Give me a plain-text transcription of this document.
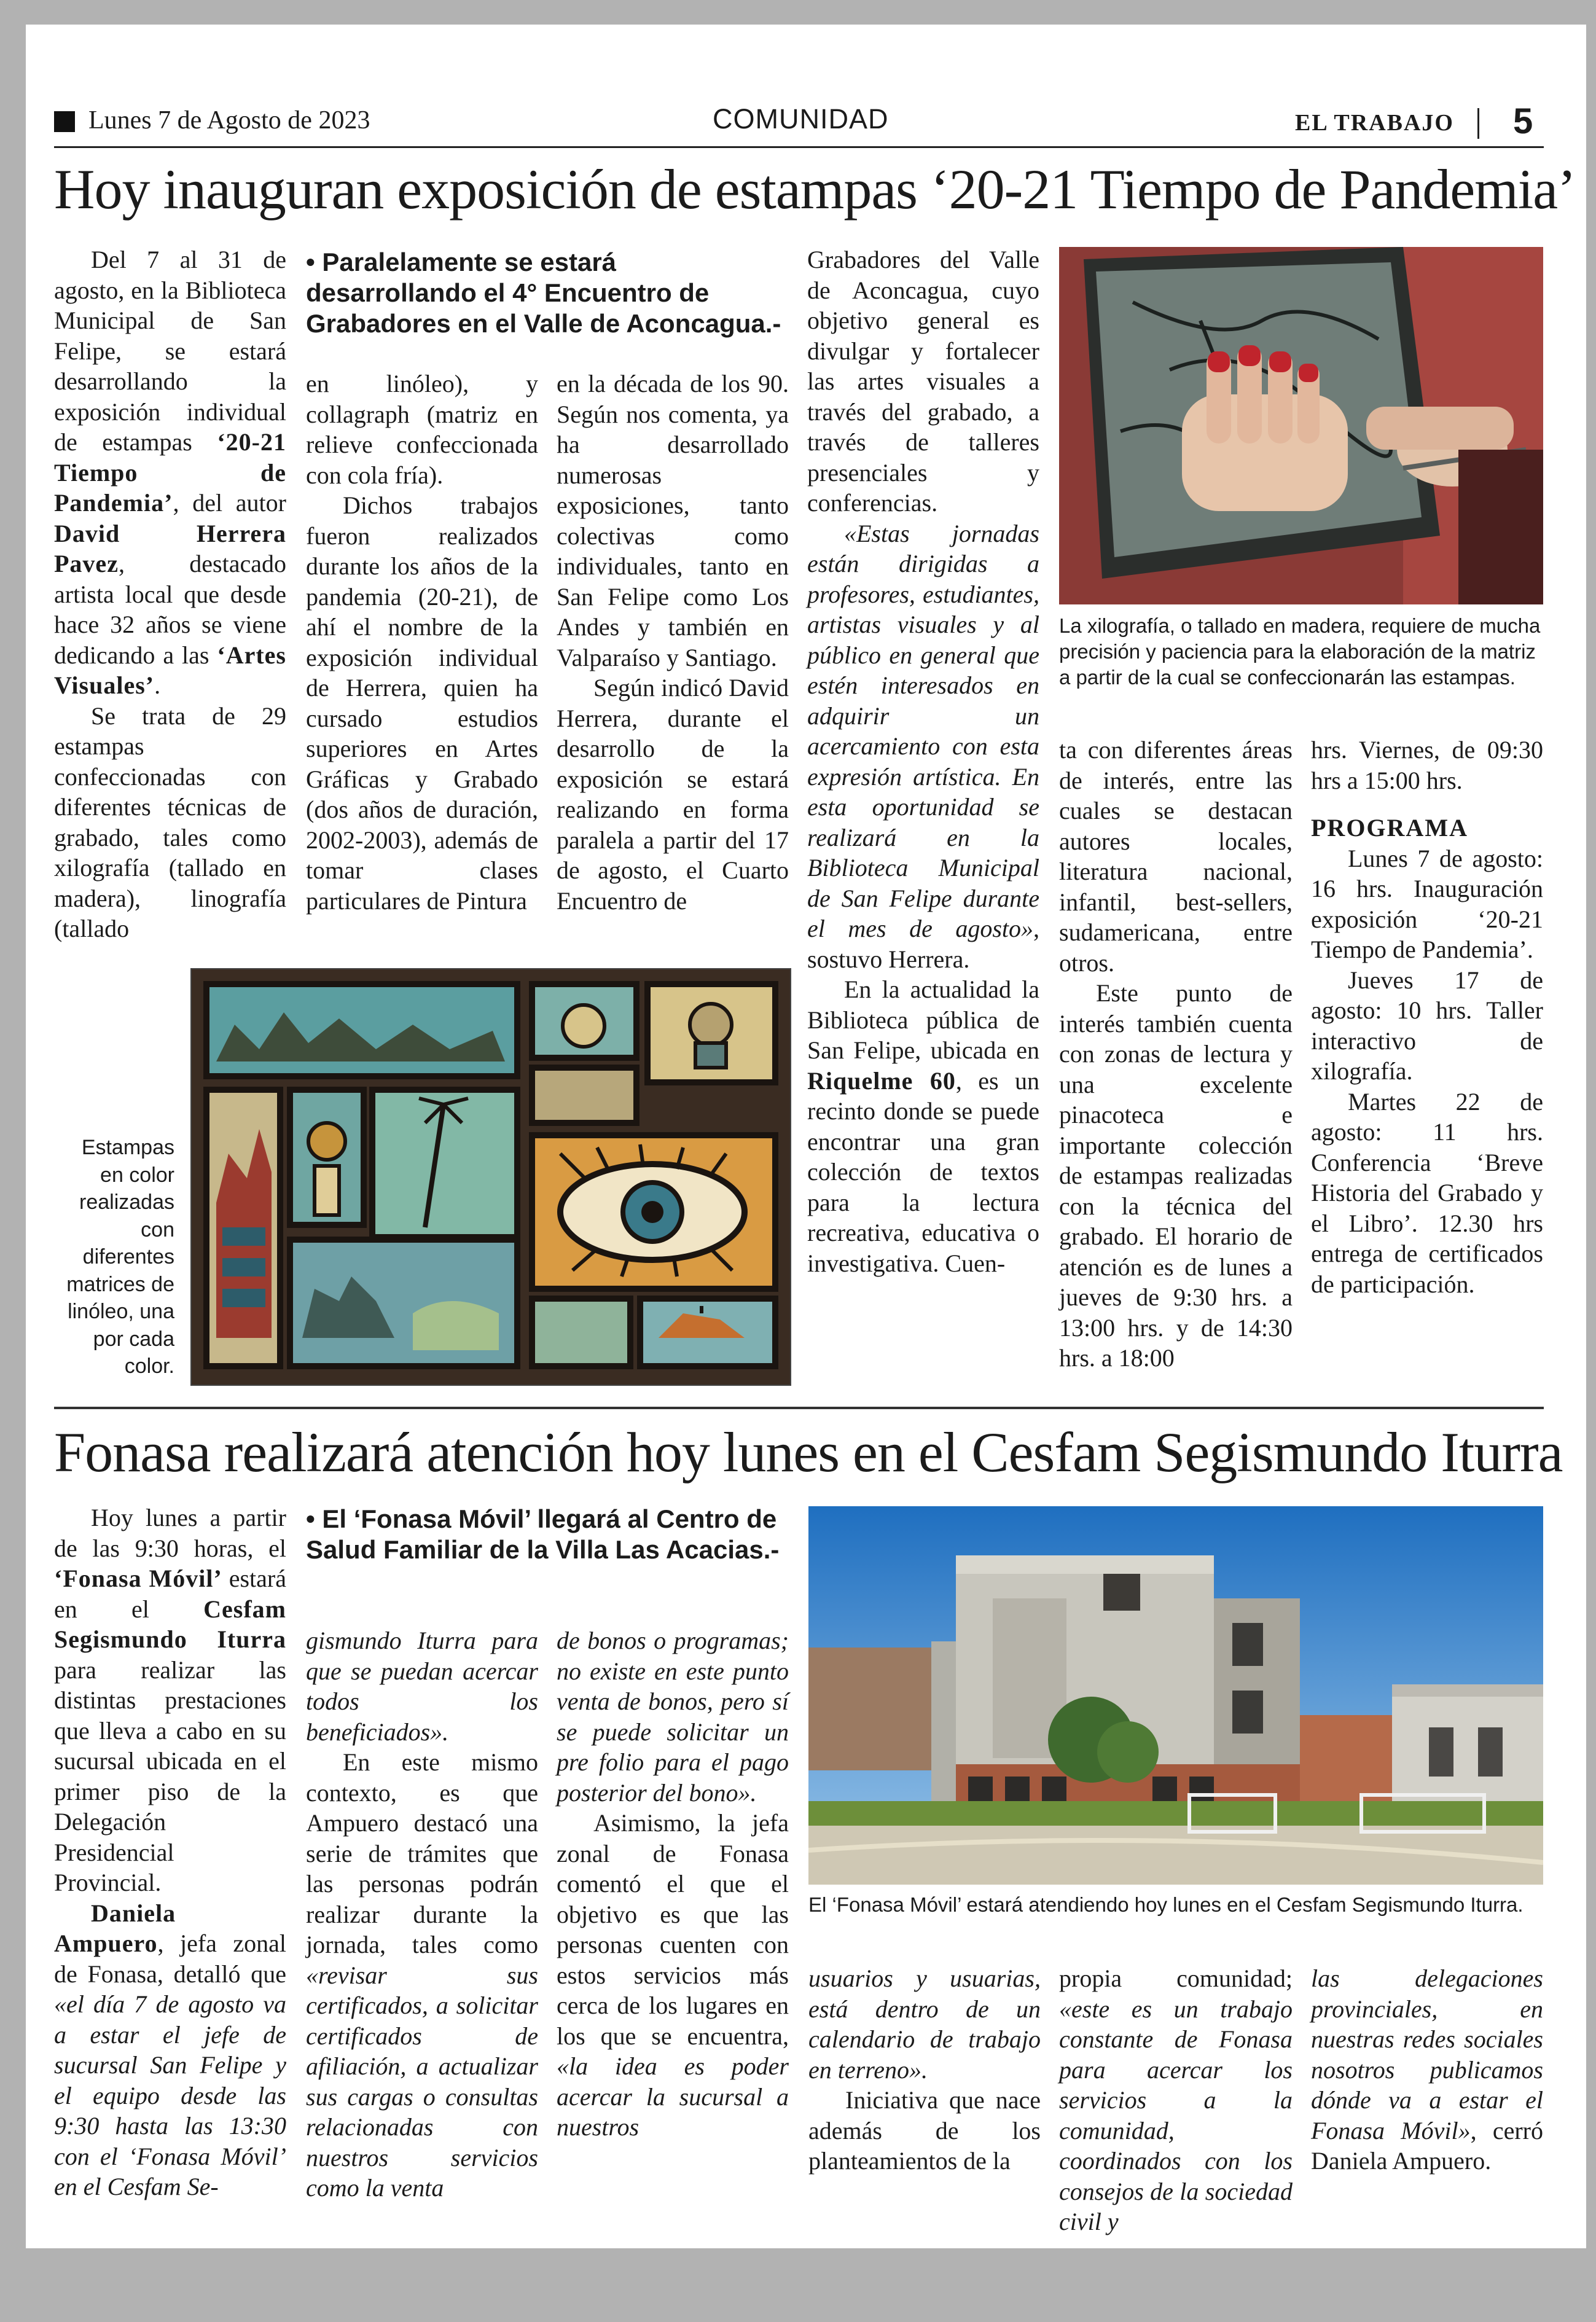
Lunes 7 de Agosto de 2023	COMUNIDAD	EL TRABAJO 5
Hoy inauguran exposición de estampas ‘20-21 Tiempo de Pandemia’

Del 7 al 31 de agosto, en la Biblioteca Municipal de San Felipe, se estará desarrollando la exposición individual de estampas ‘20-21 Tiempo de Pandemia’, del autor David Herrera Pavez, destacado artista local que desde hace 32 años se viene dedicando a las ‘Artes Visuales’.

Se trata de 29 estampas confeccionadas con diferentes técnicas de grabado, tales como xilografía (tallado en madera), linografía (tallado

• Paralelamente se estará desarrollando el 4° Encuentro de Grabadores en el Valle de Aconcagua.-

en linóleo), y collagraph (matriz en relieve confeccionada con cola fría).

Dichos trabajos fueron realizados durante los años de la pandemia (20-21), de ahí el nombre de la exposición individual de Herrera, quien ha cursado estudios superiores en Artes Gráficas y Grabado (dos años de duración, 2002-2003), además de tomar clases particulares de Pintura

en la década de los 90. Según nos comenta, ya ha desarrollado numerosas exposiciones, tanto colectivas como individuales, tanto en San Felipe como Los Andes y también en Valparaíso y Santiago.

Según indicó David Herrera, durante el desarrollo de la exposición se estará realizando en forma paralela a partir del 17 de agosto, el Cuarto Encuentro de

Grabadores del Valle de Aconcagua, cuyo objetivo general es divulgar y fortalecer las artes visuales a través del grabado, a través de talleres presenciales y conferencias.

«Estas jornadas están dirigidas a profesores, estudiantes, artistas visuales y al público en general que estén interesados en adquirir un acercamiento con esta expresión artística. En esta oportunidad se realizará en la Biblioteca Municipal de San Felipe durante el mes de agosto», sostuvo Herrera.

En la actualidad la Biblioteca pública de San Felipe, ubicada en Riquelme 60, es un recinto donde se puede encontrar una gran colección de textos para la lectura recreativa, educativa o investigativa. Cuen-

La xilografía, o tallado en madera, requiere de mucha precisión y paciencia para la elaboración de la matriz a partir de la cual se confeccionarán las estampas.

ta con diferentes áreas de interés, entre las cuales se destacan autores locales, literatura nacional, infantil, best-sellers, sudamericana, entre otros.

Este punto de interés también cuenta con zonas de lectura y una excelente pinacoteca e importante colección de estampas realizadas con la técnica del grabado. El horario de atención es de lunes a jueves de 9:30 hrs. a 13:00 hrs. y de 14:30 hrs. a 18:00

hrs. Viernes, de 09:30 hrs a 15:00 hrs.

PROGRAMA

Lunes 7 de agosto: 16 hrs. Inauguración exposición ‘20-21 Tiempo de Pandemia’.

Jueves 17 de agosto: 10 hrs. Taller interactivo de xilografía.

Martes 22 de agosto: 11 hrs. Conferencia ‘Breve Historia del Grabado y el Libro’. 12.30 hrs entrega de certificados de participación.

Estampas en color realizadas con diferentes matrices de linóleo, una por cada color.
Fonasa realizará atención hoy lunes en el Cesfam Segismundo Iturra

Hoy lunes a partir de las 9:30 horas, el ‘Fonasa Móvil’ estará en el Cesfam Segismundo Iturra para realizar las distintas prestaciones que lleva a cabo en su sucursal ubicada en el primer piso de la Delegación Presidencial Provincial.

Daniela Ampuero, jefa zonal de Fonasa, detalló que «el día 7 de agosto va a estar el jefe de sucursal San Felipe y el equipo desde las 9:30 hasta las 13:30 con el ‘Fonasa Móvil’ en el Cesfam Se-

• El ‘Fonasa Móvil’ llegará al Centro de Salud Familiar de la Villa Las Acacias.-

gismundo Iturra para que se puedan acercar todos los beneficiados».

En este mismo contexto, es que Ampuero destacó una serie de trámites que las personas podrán realizar durante la jornada, tales como «revisar sus certificados, a solicitar certificados de afiliación, a actualizar sus cargas o consultas relacionadas con nuestros servicios como la venta

de bonos o programas; no existe en este punto venta de bonos, pero sí se puede solicitar un pre folio para el pago posterior del bono».

Asimismo, la jefa zonal de Fonasa comentó el que el objetivo es que las personas cuenten con estos servicios más cerca de los lugares en los que se encuentra, «la idea es poder acercar la sucursal a nuestros

El ‘Fonasa Móvil’ estará atendiendo hoy lunes en el Cesfam Segismundo Iturra.

usuarios y usuarias, está dentro de un calendario de trabajo en terreno».

Iniciativa que nace además de los planteamientos de la

propia comunidad; «este es un trabajo constante de Fonasa para acercar los servicios a la comunidad, coordinados con los consejos de la sociedad civil y

las delegaciones provinciales, en nuestras redes sociales nosotros publicamos dónde va a estar el Fonasa Móvil», cerró Daniela Ampuero.
